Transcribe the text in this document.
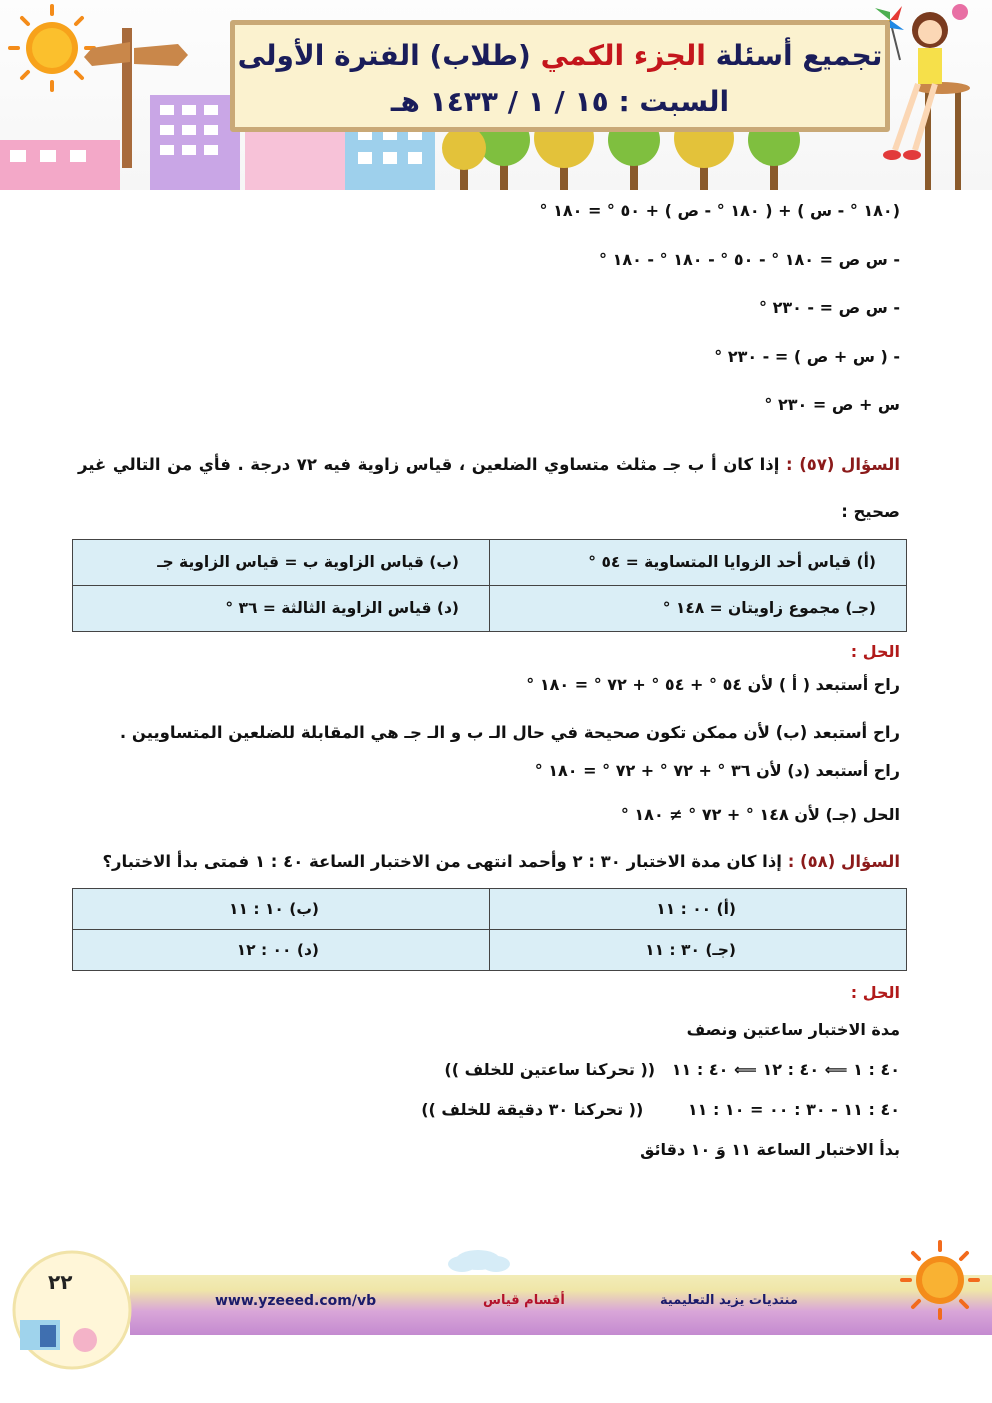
تجميع أسئلة الجزء الكمي (طلاب) الفترة الأولى
السبت : ١٥ / ١ / ١٤٣٣ هـ
(١٨٠ ° - س ) + ( ١٨٠ ° - ص ) + ٥٠ ° = ١٨٠ °
- س ص = ١٨٠ ° - ٥٠ ° - ١٨٠ ° - ١٨٠ °
- س ص = - ٢٣٠ °
- ( س + ص ) = - ٢٣٠ °
س + ص = ٢٣٠ °
السؤال (٥٧) : إذا كان أ ب جـ مثلث متساوي الضلعين ، قياس زاوية فيه ٧٢ درجة . فأي من التالي غير صحيح :
(أ) قياس أحد الزوايا المتساوية = ٥٤ °	(ب) قياس الزاوية ب = قياس الزاوية جـ
(جـ) مجموع زاويتان = ١٤٨ °	(د) قياس الزاوية الثالثة = ٣٦ °
الحل :
راح أستبعد ( أ ) لأن ٥٤ ° + ٥٤ ° + ٧٢ ° = ١٨٠ °
راح أستبعد (ب) لأن ممكن تكون صحيحة في حال الـ ب و الـ جـ هي المقابلة للضلعين المتساويين .
راح أستبعد (د) لأن ٣٦ ° + ٧٢ ° + ٧٢ ° = ١٨٠ °
الحل (جـ) لأن ١٤٨ ° + ٧٢ ° ≠ ١٨٠ °
السؤال (٥٨) : إذا كان مدة الاختبار ٣٠ : ٢ وأحمد انتهى من الاختبار الساعة ٤٠ : ١ فمتى بدأ الاختبار؟
(أ) ٠٠ : ١١	(ب) ١٠ : ١١
(جـ) ٣٠ : ١١	(د) ٠٠ : ١٢
الحل :
مدة الاختبار ساعتين ونصف
٤٠ : ١ ⟸ ٤٠ : ١٢ ⟸ ٤٠ : ١١   (( تحركنا ساعتين للخلف ))
٤٠ : ١١ - ٣٠ : ٠٠ = ١٠ : ١١        (( تحركنا ٣٠ دقيقة للخلف ))
بدأ الاختبار الساعة ١١ وَ ١٠ دقائق
٢٢
www.yzeeed.com/vb	أقسام قياس	منتديات يزيد التعليمية
